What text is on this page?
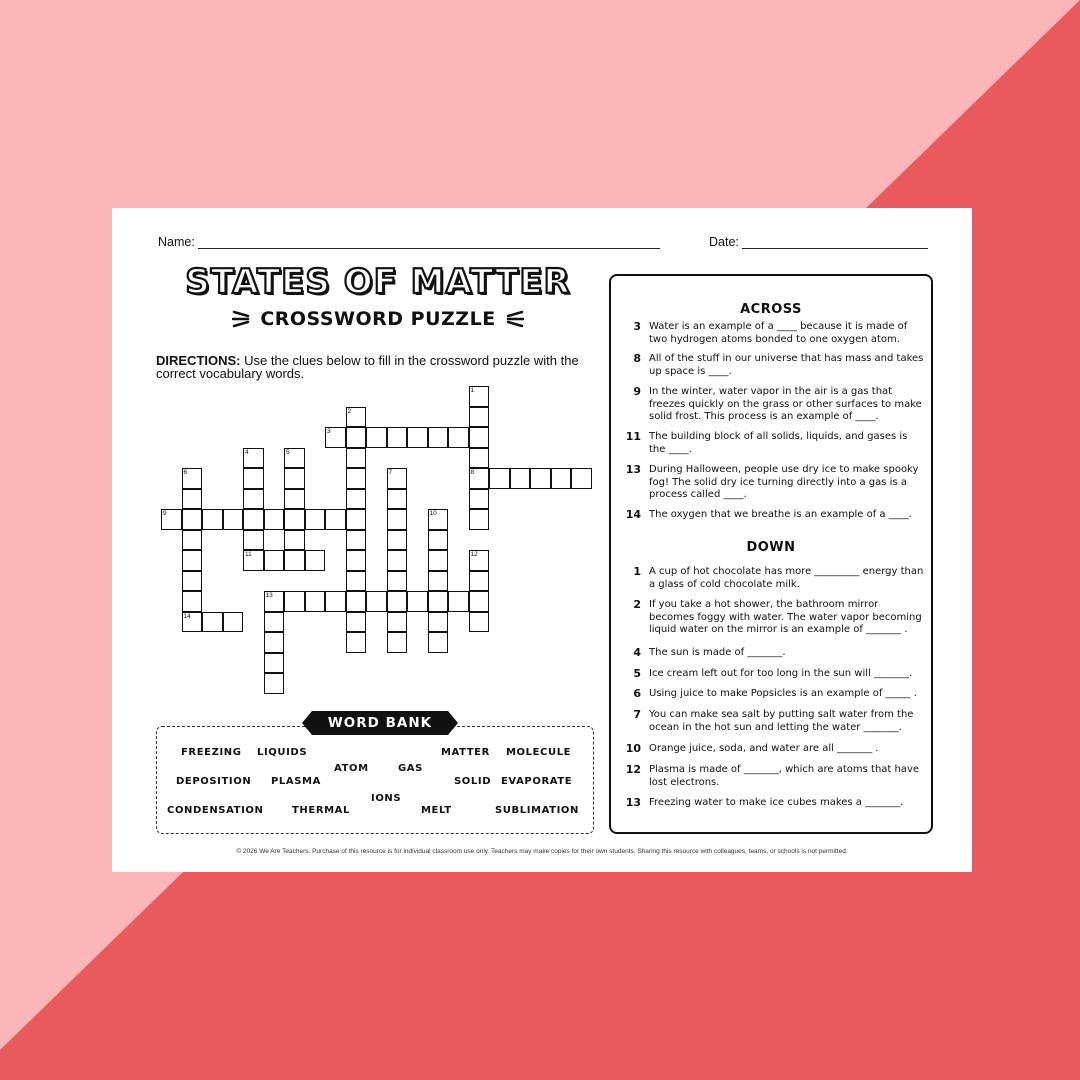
Name:	Date:
STATES OF MATTER
CROSSWORD PUZZLE
DIRECTIONS: Use the clues below to fill in the crossword puzzle with the correct vocabulary words.
1
8
2
3
4
11
5
6
14
7
9	10
12
13
WORD BANK
FREEZING LIQUIDS	MATTER MOLECULE
ATOM	GAS
DEPOSITION PLASMA	SOLID EVAPORATE
IONS
CONDENSATION	THERMAL	MELT	SUBLIMATION
ACROSS
3 Water is an example of a ____ because it is made of two hydrogen atoms bonded to one oxygen atom.
8 All of the stuff in our universe that has mass and takes up space is ____.
9 In the winter, water vapor in the air is a gas that freezes quickly on the grass or other surfaces to make solid frost. This process is an example of ____.
11 The building block of all solids, liquids, and gases is the ____.
13 During Halloween, people use dry ice to make spooky fog! The solid dry ice turning directly into a gas is a process called ____.
14 The oxygen that we breathe is an example of a ____.
DOWN
1 A cup of hot chocolate has more _________ energy than a glass of cold chocolate milk.
2 If you take a hot shower, the bathroom mirror becomes foggy with water. The water vapor becoming liquid water on the mirror is an example of _______ .
4 The sun is made of _______.
5 Ice cream left out for too long in the sun will _______.
6 Using juice to make Popsicles is an example of _____ .
7 You can make sea salt by putting salt water from the ocean in the hot sun and letting the water _______.
10 Orange juice, soda, and water are all _______ .
12 Plasma is made of _______, which are atoms that have lost electrons.
13 Freezing water to make ice cubes makes a _______.
© 2026 We Are Teachers. Purchase of this resource is for individual classroom use only. Teachers may make copies for their own students. Sharing this resource with colleagues, teams, or schools is not permitted.
